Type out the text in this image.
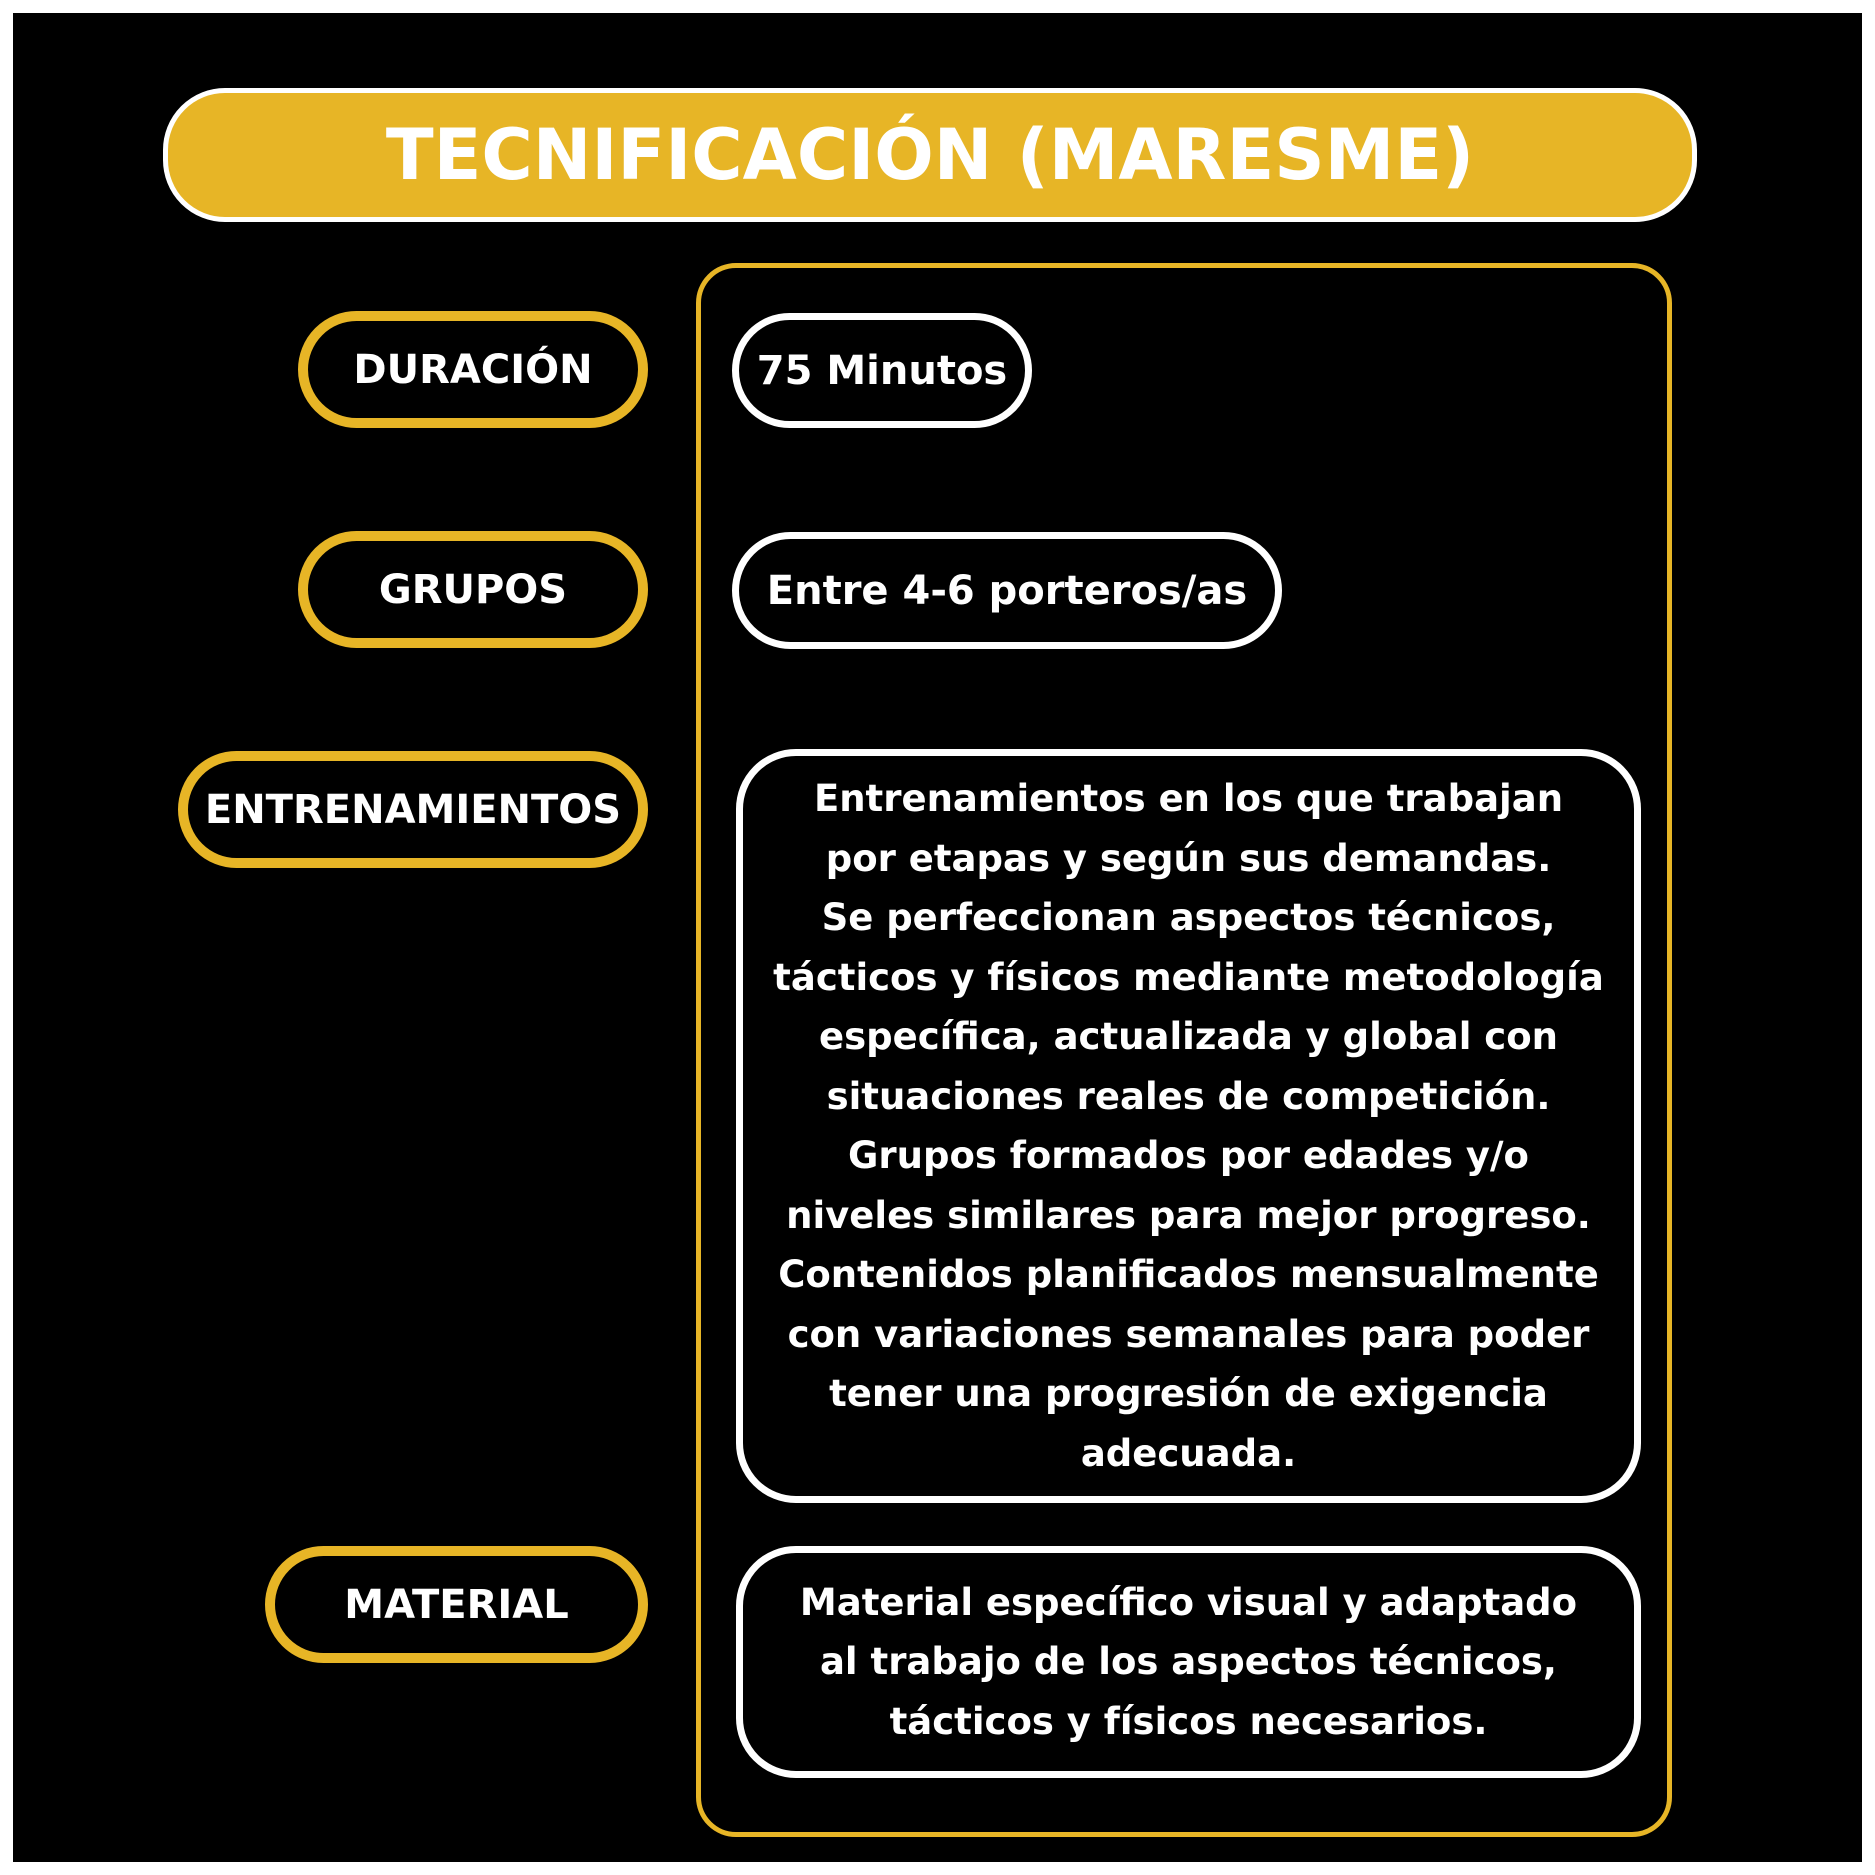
TECNIFICACIÓN (MARESME)
DURACIÓN	75 Minutos
GRUPOS	Entre 4-6 porteros/as
ENTRENAMIENTOS	Entrenamientos en los que trabajan
por etapas y según sus demandas.
Se perfeccionan aspectos técnicos,
tácticos y físicos mediante metodología
específica, actualizada y global con
situaciones reales de competición.
Grupos formados por edades y/o
niveles similares para mejor progreso.
Contenidos planificados mensualmente
con variaciones semanales para poder
tener una progresión de exigencia
adecuada.
MATERIAL	Material específico visual y adaptado
al trabajo de los aspectos técnicos,
tácticos y físicos necesarios.
